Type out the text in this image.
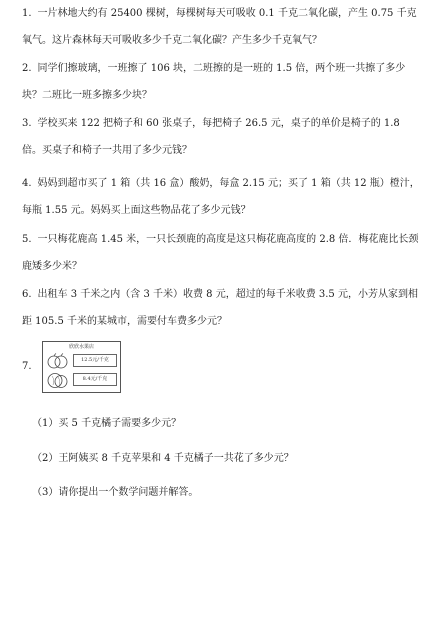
1. 一片林地大约有 25400 棵树，每棵树每天可吸收 0.1 千克二氧化碳，产生 0.75 千克氧气。这片森林每天可吸收多少千克二氧化碳？产生多少千克氧气？
2. 同学们擦玻璃，一班擦了 106 块，二班擦的是一班的 1.5 倍，两个班一共擦了多少块？二班比一班多擦多少块？
3. 学校买来 122 把椅子和 60 张桌子，每把椅子 26.5 元，桌子的单价是椅子的 1.8 倍。买桌子和椅子一共用了多少元钱？
4. 妈妈到超市买了 1 箱（共 16 盒）酸奶，每盒 2.15 元；买了 1 箱（共 12 瓶）橙汁，每瓶 1.55 元。妈妈买上面这些物品花了多少元钱？
5. 一只梅花鹿高 1.45 米，一只长颈鹿的高度是这只梅花鹿高度的 2.8 倍．梅花鹿比长颈鹿矮多少米？
6. 出租车 3 千米之内（含 3 千米）收费 8 元，超过的每千米收费 3.5 元，小芳从家到相距 105.5 千米的某城市，需要付车费多少元？
7.
欣欣水果店
12.5元/千克
8.4元/千克
（1）买 5 千克橘子需要多少元？
（2）王阿姨买 8 千克苹果和 4 千克橘子一共花了多少元？
（3）请你提出一个数学问题并解答。
